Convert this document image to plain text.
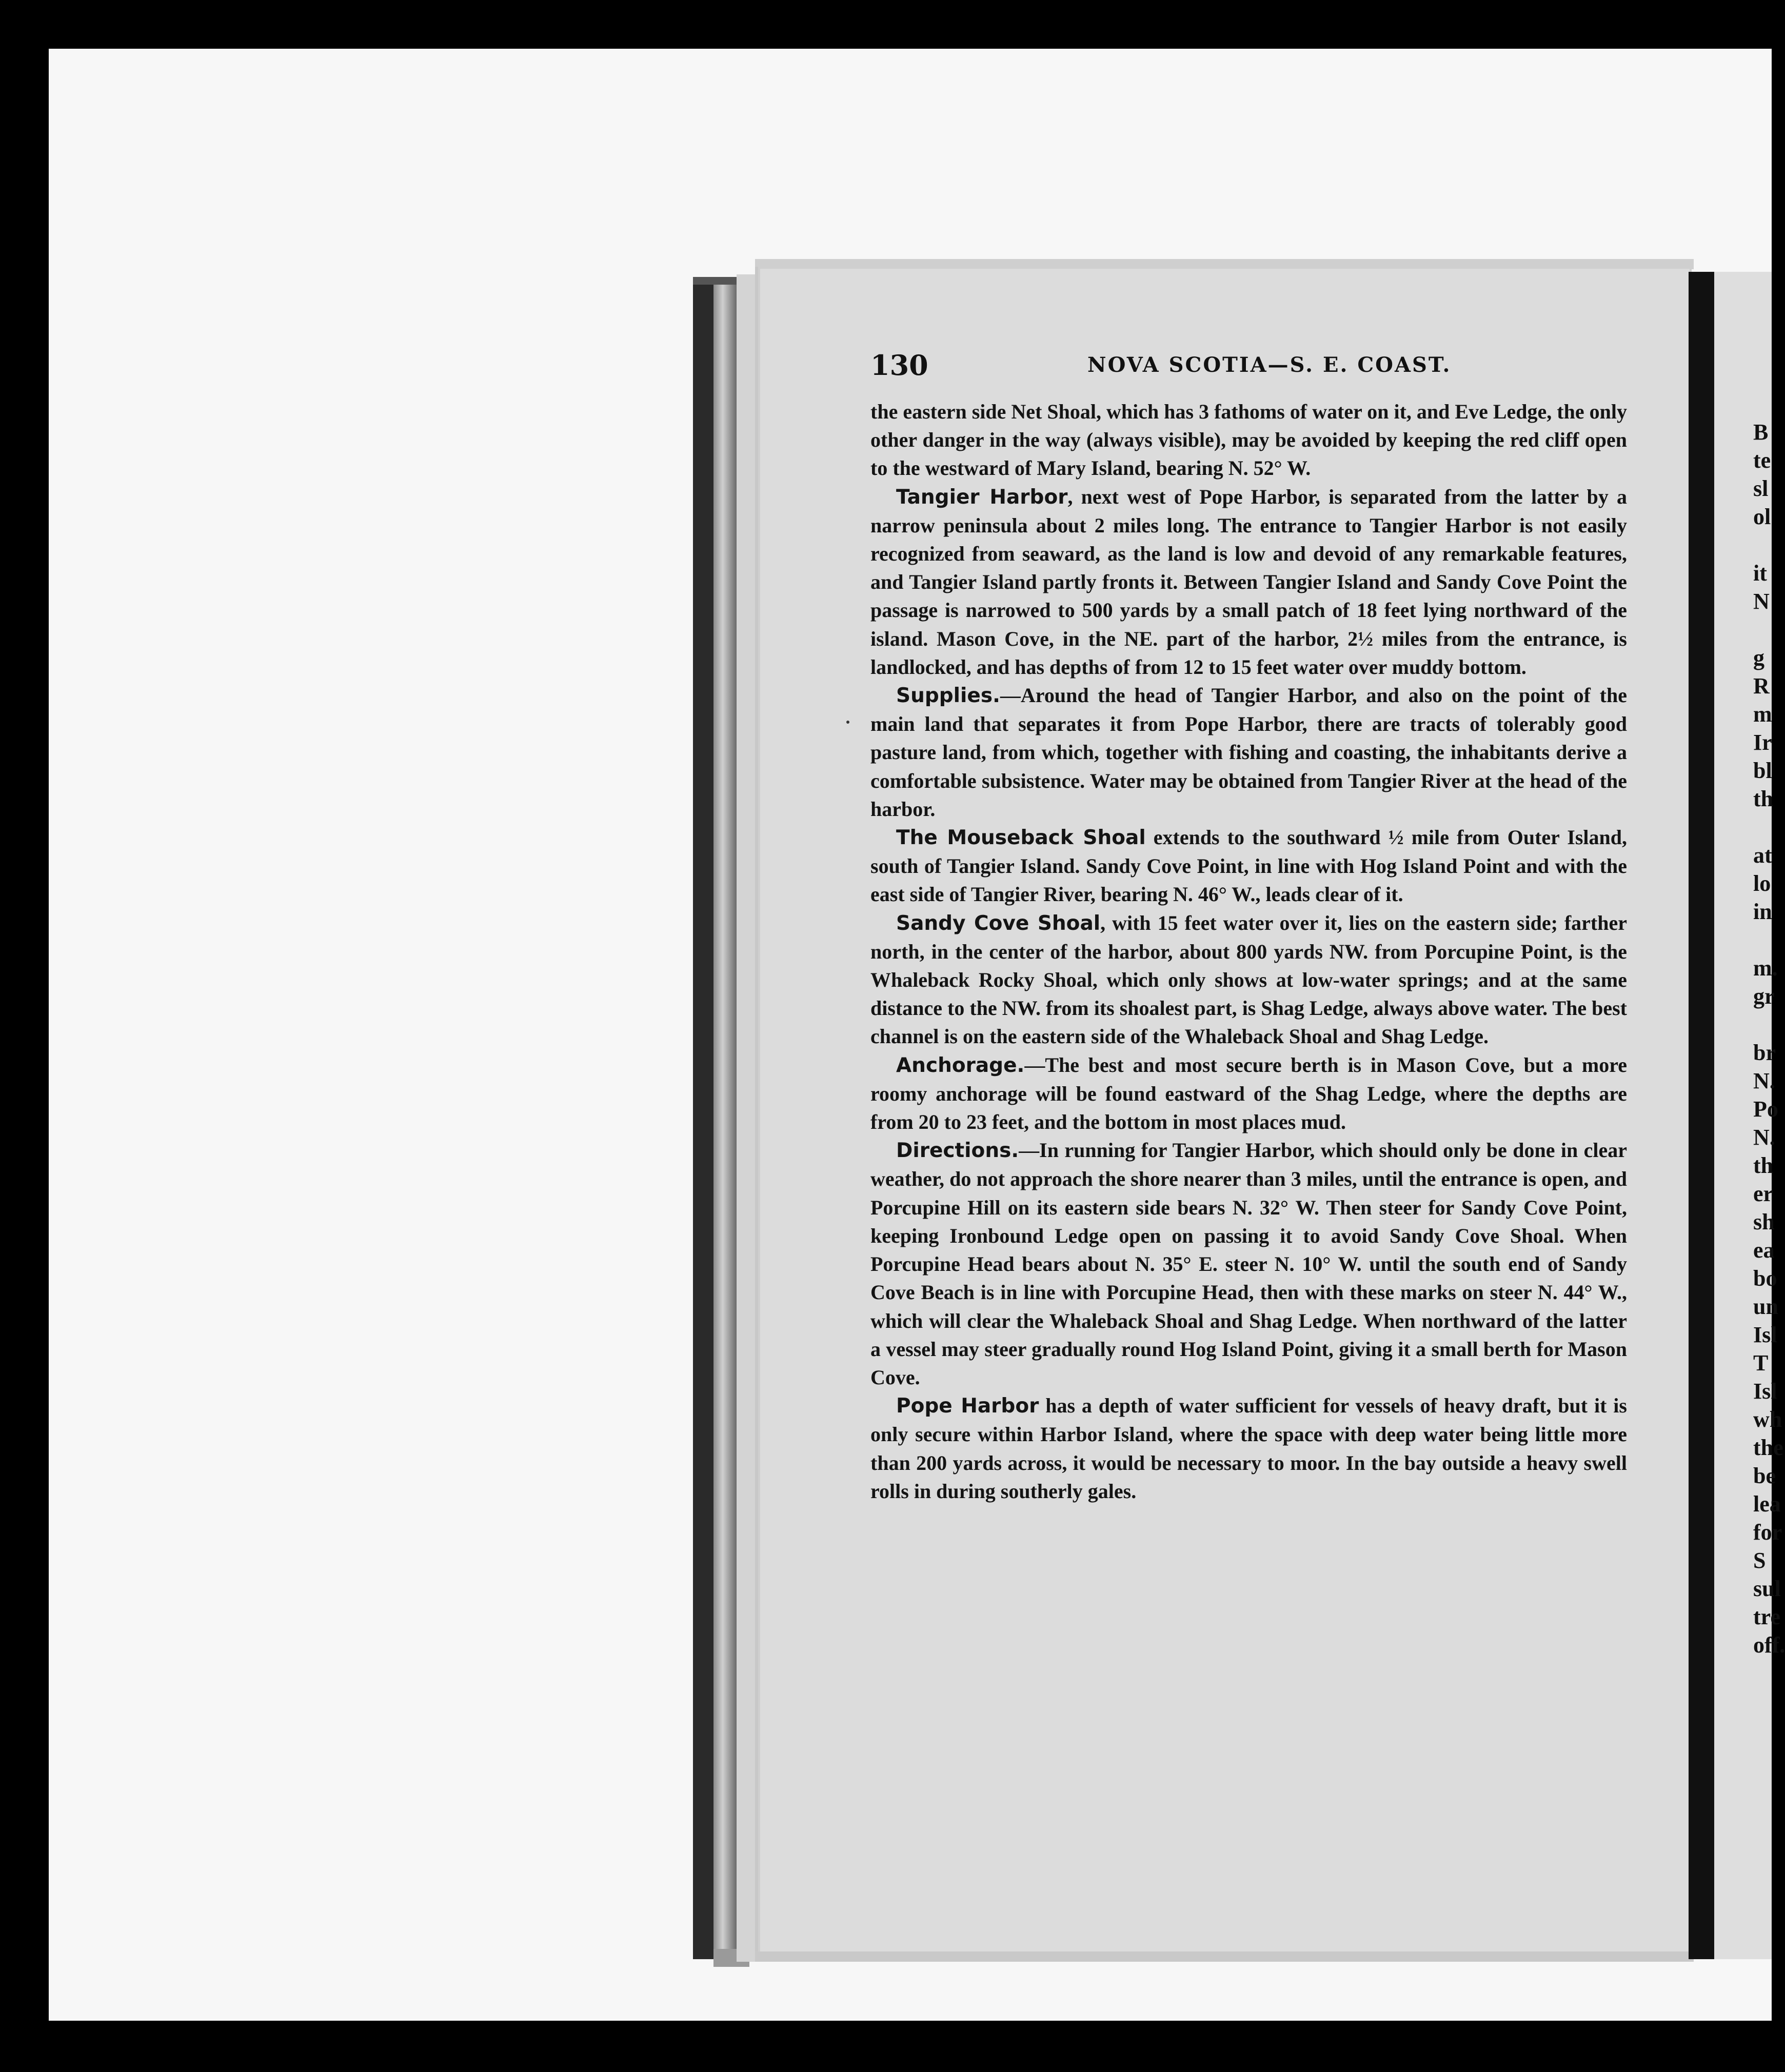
B
te
sl
ol

it
N

g
R
m
Ir
bl
th

at
lo
in

m.
gr

br
N.
Po
N.
th
er
sh
ea
bo
un
Isl
T
Isl
wh
the
be
lea
for
S
sul
tre
off.
130	NOVA SCOTIA—S. E. COAST.

the eastern side Net Shoal, which has 3 fathoms of water on it, and Eve Ledge, the only other danger in the way (always visible), may be avoided by keeping the red cliff open to the westward of Mary Island, bearing N. 52° W.

Tangier Harbor, next west of Pope Harbor, is separated from the latter by a narrow peninsula about 2 miles long. The entrance to Tangier Harbor is not easily recognized from seaward, as the land is low and devoid of any remarkable features, and Tangier Island partly fronts it. Between Tangier Island and Sandy Cove Point the passage is narrowed to 500 yards by a small patch of 18 feet lying northward of the island. Mason Cove, in the NE. part of the harbor, 2½ miles from the entrance, is landlocked, and has depths of from 12 to 15 feet water over muddy bottom.

Supplies.—Around the head of Tangier Harbor, and also on the point of the main land that separates it from Pope Harbor, there are tracts of tolerably good pasture land, from which, together with fishing and coasting, the inhabitants derive a comfortable subsistence. Water may be obtained from Tangier River at the head of the harbor.

The Mouseback Shoal extends to the southward ½ mile from Outer Island, south of Tangier Island. Sandy Cove Point, in line with Hog Island Point and with the east side of Tangier River, bearing N. 46° W., leads clear of it.

Sandy Cove Shoal, with 15 feet water over it, lies on the eastern side; farther north, in the center of the harbor, about 800 yards NW. from Porcupine Point, is the Whaleback Rocky Shoal, which only shows at low-water springs; and at the same distance to the NW. from its shoalest part, is Shag Ledge, always above water. The best channel is on the eastern side of the Whaleback Shoal and Shag Ledge.

Anchorage.—The best and most secure berth is in Mason Cove, but a more roomy anchorage will be found eastward of the Shag Ledge, where the depths are from 20 to 23 feet, and the bottom in most places mud.

Directions.—In running for Tangier Harbor, which should only be done in clear weather, do not approach the shore nearer than 3 miles, until the entrance is open, and Porcupine Hill on its eastern side bears N. 32° W. Then steer for Sandy Cove Point, keeping Ironbound Ledge open on passing it to avoid Sandy Cove Shoal. When Porcupine Head bears about N. 35° E. steer N. 10° W. until the south end of Sandy Cove Beach is in line with Porcupine Head, then with these marks on steer N. 44° W., which will clear the Whaleback Shoal and Shag Ledge. When northward of the latter a vessel may steer gradually round Hog Island Point, giving it a small berth for Mason Cove.

Pope Harbor has a depth of water sufficient for vessels of heavy draft, but it is only secure within Harbor Island, where the space with deep water being little more than 200 yards across, it would be necessary to moor. In the bay outside a heavy swell rolls in during southerly gales.
